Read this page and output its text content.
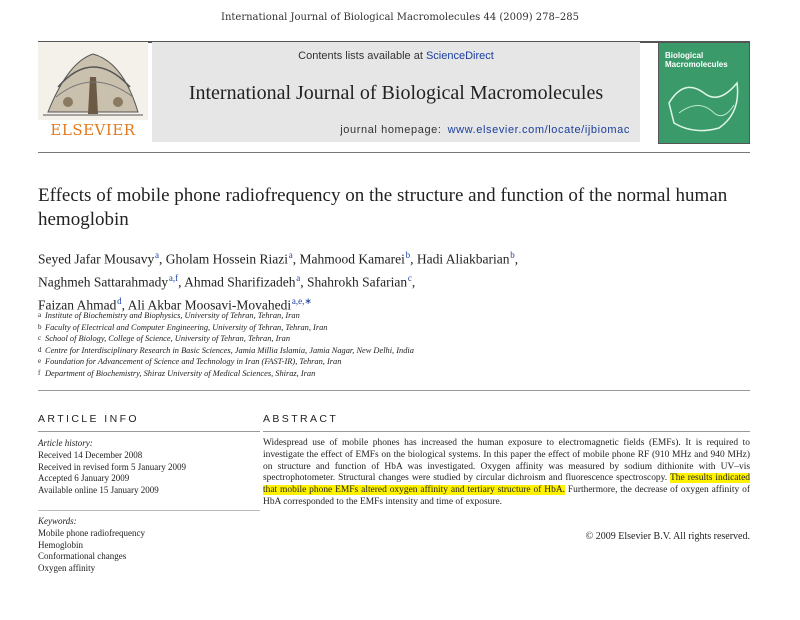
International Journal of Biological Macromolecules 44 (2009) 278–285
ELSEVIER
Contents lists available at ScienceDirect
International Journal of Biological Macromolecules
journal homepage: www.elsevier.com/locate/ijbiomac
Biological Macromolecules
Effects of mobile phone radiofrequency on the structure and function of the normal human hemoglobin
Seyed Jafar Mousavy $^a$, Gholam Hossein Riazi $^a$, Mahmood Kamarei $^b$, Hadi Aliakbarian $^b$,
Naghmeh Sattarahmady $^{a,f}$, Ahmad Sharifizadeh $^a$, Shahrokh Safarian $^c$,
Faizan Ahmad $^d$, Ali Akbar Moosavi-Movahedi $^{a,e,∗}$
a Institute of Biochemistry and Biophysics, University of Tehran, Tehran, Iran
b Faculty of Electrical and Computer Engineering, University of Tehran, Tehran, Iran
c School of Biology, College of Science, University of Tehran, Tehran, Iran
d Centre for Interdisciplinary Research in Basic Sciences, Jamia Millia Islamia, Jamia Nagar, New Delhi, India
e Foundation for Advancement of Science and Technology in Iran (FAST-IR), Tehran, Iran
f Department of Biochemistry, Shiraz University of Medical Sciences, Shiraz, Iran
ARTICLE INFO	ABSTRACT
Article history:
Received 14 December 2008
Received in revised form 5 January 2009
Accepted 6 January 2009
Available online 15 January 2009
Keywords:
Mobile phone radiofrequency
Hemoglobin
Conformational changes
Oxygen affinity
Widespread use of mobile phones has increased the human exposure to electromagnetic fields (EMFs). It is required to investigate the effect of EMFs on the biological systems. In this paper the effect of mobile phone RF (910 MHz and 940 MHz) on structure and function of HbA was investigated. Oxygen affinity was measured by sodium dithionite with UV–vis spectrophotometer. Structural changes were studied by circular dichroism and fluorescence spectroscopy. The results indicated that mobile phone EMFs altered oxygen affinity and tertiary structure of HbA. Furthermore, the decrease of oxygen affinity of HbA corresponded to the EMFs intensity and time of exposure.
© 2009 Elsevier B.V. All rights reserved.
